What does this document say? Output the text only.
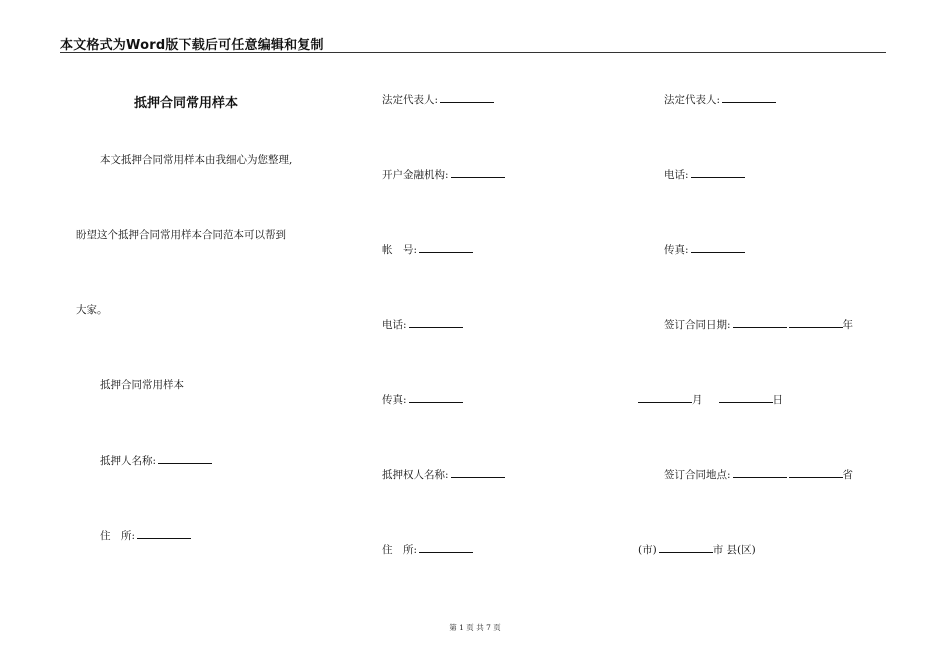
本文格式为Word版下载后可任意编辑和复制
抵押合同常用样本
本文抵押合同常用样本由我细心为您整理,
盼望这个抵押合同常用样本合同范本可以帮到
大家。
抵押合同常用样本
抵押人名称:
住　所:
法定代表人:
开户金融机构:
帐　号:
电话:
传真:
抵押权人名称:
住　所:
法定代表人:
电话:
传真:
签订合同日期:	年
月	日
签订合同地点:	省
(市)	市 县(区)
第 1 页 共 7 页
